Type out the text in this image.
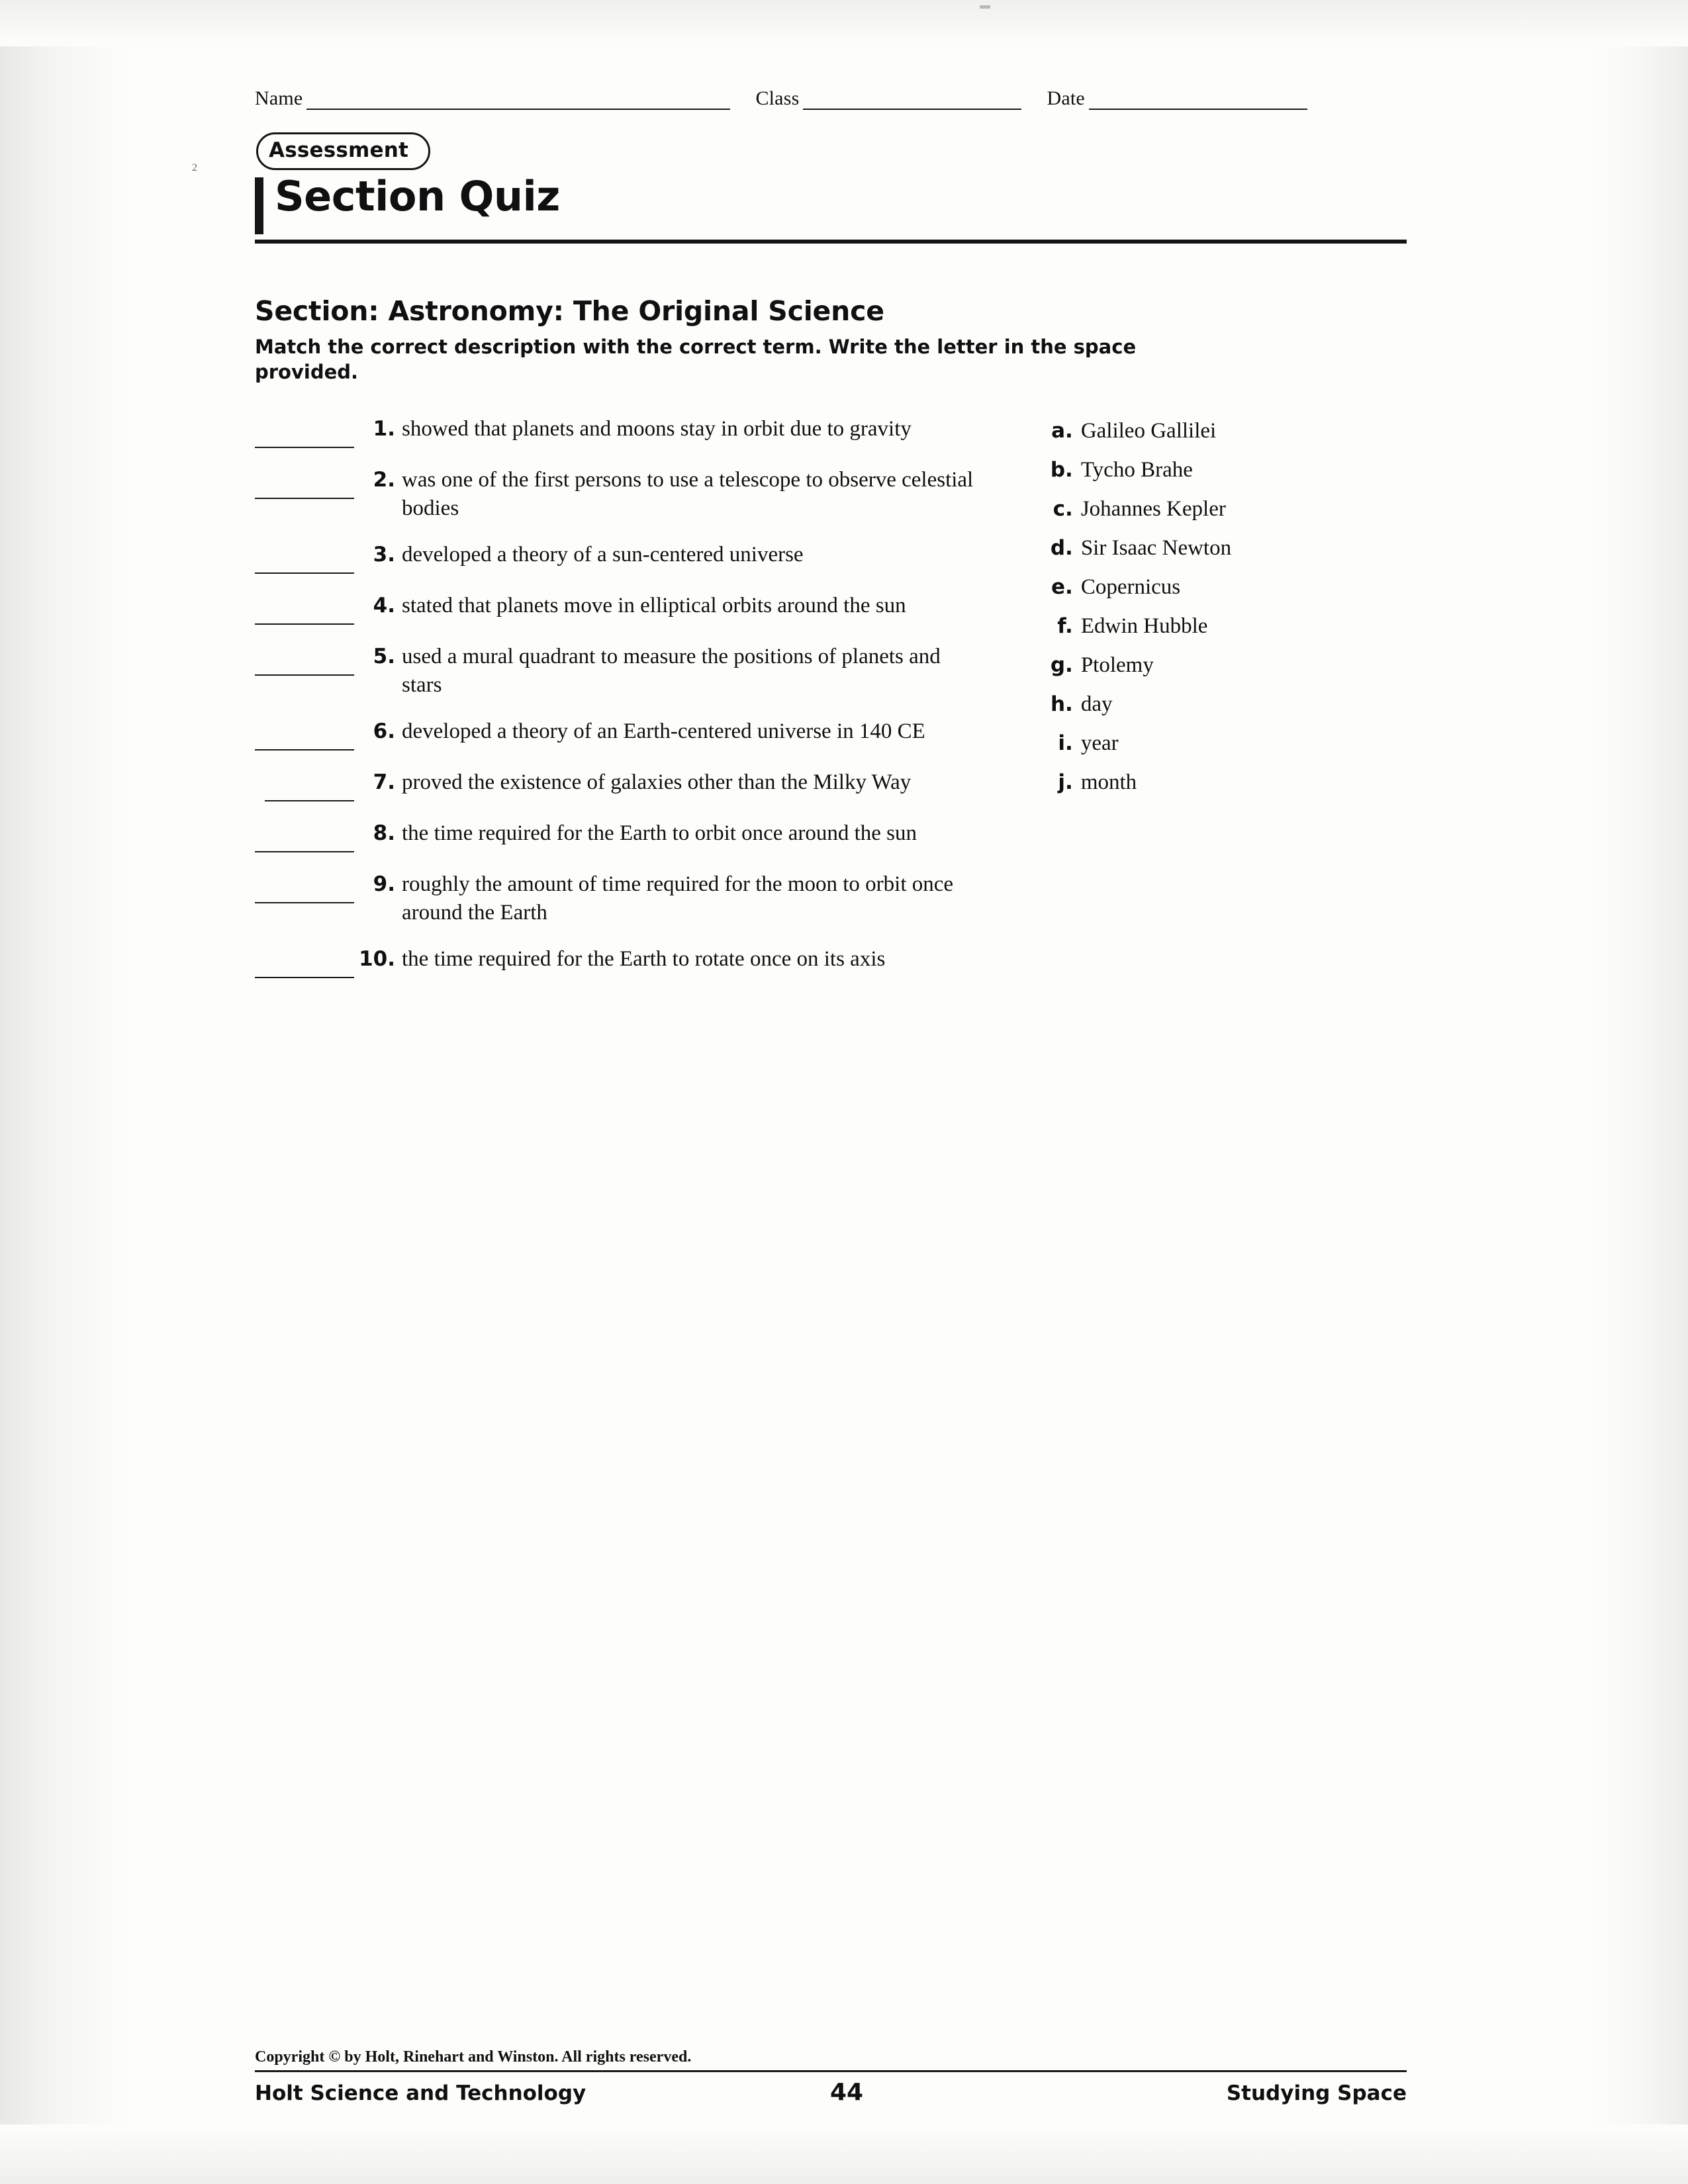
2
Name	Class	Date
Assessment
Section Quiz
Section: Astronomy: The Original Science
Match the correct description with the correct term. Write the letter in the space provided.
1. showed that planets and moons stay in orbit due to gravity
2. was one of the first persons to use a telescope to observe celestial bodies
3. developed a theory of a sun-centered universe
4. stated that planets move in elliptical orbits around the sun
5. used a mural quadrant to measure the positions of planets and stars
6. developed a theory of an Earth-centered universe in 140 CE
7. proved the existence of galaxies other than the Milky Way
8. the time required for the Earth to orbit once around the sun
9. roughly the amount of time required for the moon to orbit once around the Earth
10. the time required for the Earth to rotate once on its axis
a. Galileo Gallilei
b. Tycho Brahe
c. Johannes Kepler
d. Sir Isaac Newton
e. Copernicus
f. Edwin Hubble
g. Ptolemy
h. day
i. year
j. month
Copyright © by Holt, Rinehart and Winston. All rights reserved.
Holt Science and Technology	44	Studying Space
